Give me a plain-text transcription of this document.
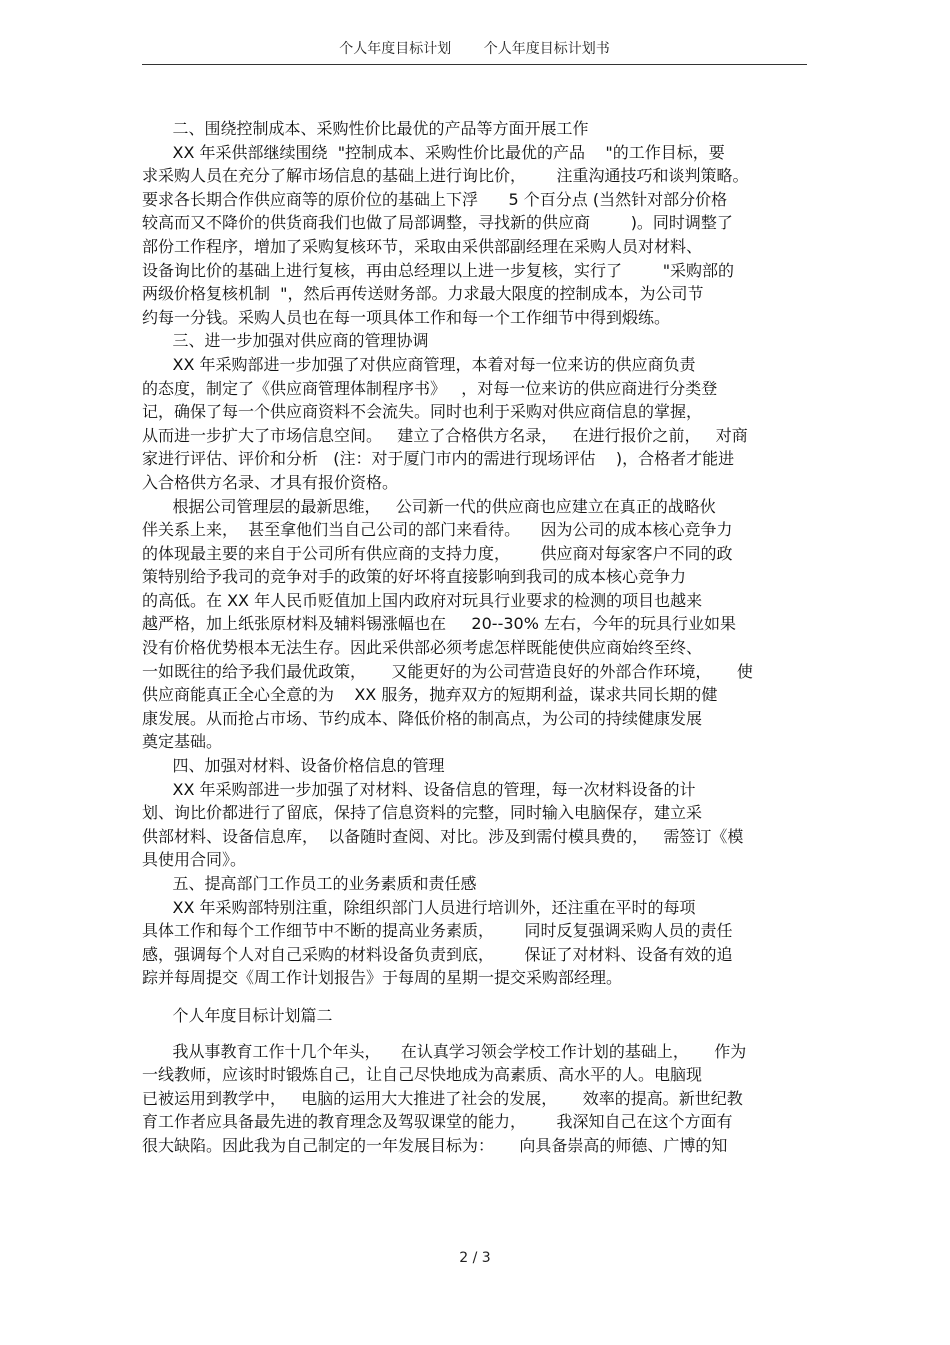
个人年度目标计划 个人年度目标计划书
二、围绕控制成本、采购性价比最优的产品等方面开展工作
XX 年采供部继续围绕  "控制成本、采购性价比最优的产品    "的工作目标，要
求采购人员在充分了解市场信息的基础上进行询比价，      注重沟通技巧和谈判策略。
要求各长期合作供应商等的原价位的基础上下浮      5 个百分点 (当然针对部分价格
较高而又不降价的供货商我们也做了局部调整，寻找新的供应商        )。同时调整了
部份工作程序，增加了采购复核环节，采取由采供部副经理在采购人员对材料、
设备询比价的基础上进行复核，再由总经理以上进一步复核，实行了        "采购部的
两级价格复核机制  "，然后再传送财务部。力求最大限度的控制成本，为公司节
约每一分钱。采购人员也在每一项具体工作和每一个工作细节中得到煅练。
三、进一步加强对供应商的管理协调
XX 年采购部进一步加强了对供应商管理，本着对每一位来访的供应商负责
的态度，制定了《供应商管理体制程序书》   ，对每一位来访的供应商进行分类登
记，确保了每一个供应商资料不会流失。同时也利于采购对供应商信息的掌握，
从而进一步扩大了市场信息空间。   建立了合格供方名录，   在进行报价之前，   对商
家进行评估、评价和分析   (注：对于厦门市内的需进行现场评估    )，合格者才能进
入合格供方名录、才具有报价资格。
根据公司管理层的最新思维，   公司新一代的供应商也应建立在真正的战略伙
伴关系上来，  甚至拿他们当自己公司的部门来看待。    因为公司的成本核心竞争力
的体现最主要的来自于公司所有供应商的支持力度，      供应商对每家客户不同的政
策特别给予我司的竞争对手的政策的好坏将直接影响到我司的成本核心竞争力
的高低。在 XX 年人民币贬值加上国内政府对玩具行业要求的检测的项目也越来
越严格，加上纸张原材料及辅料锡涨幅也在     20--30% 左右，今年的玩具行业如果
没有价格优势根本无法生存。因此采供部必须考虑怎样既能使供应商始终至终、
一如既往的给予我们最优政策，     又能更好的为公司营造良好的外部合作环境，     使
供应商能真正全心全意的为    XX 服务，抛弃双方的短期利益，谋求共同长期的健
康发展。从而抢占市场、节约成本、降低价格的制高点，为公司的持续健康发展
奠定基础。
四、加强对材料、设备价格信息的管理
XX 年采购部进一步加强了对材料、设备信息的管理，每一次材料设备的计
划、询比价都进行了留底，保持了信息资料的完整，同时输入电脑保存，建立采
供部材料、设备信息库，  以备随时查阅、对比。涉及到需付模具费的，   需签订《模
具使用合同》。
五、提高部门工作员工的业务素质和责任感
XX 年采购部特别注重，除组织部门人员进行培训外，还注重在平时的每项
具体工作和每个工作细节中不断的提高业务素质，      同时反复强调采购人员的责任
感，强调每个人对自己采购的材料设备负责到底，      保证了对材料、设备有效的追
踪并每周提交《周工作计划报告》于每周的星期一提交采购部经理。
个人年度目标计划篇二
我从事教育工作十几个年头，    在认真学习领会学校工作计划的基础上，     作为
一线教师，应该时时锻炼自己，让自己尽快地成为高素质、高水平的人。电脑现
已被运用到教学中，   电脑的运用大大推进了社会的发展，     效率的提高。新世纪教
育工作者应具备最先进的教育理念及驾驭课堂的能力，      我深知自己在这个方面有
很大缺陷。因此我为自己制定的一年发展目标为：     向具备崇高的师德、广博的知
2 / 3
